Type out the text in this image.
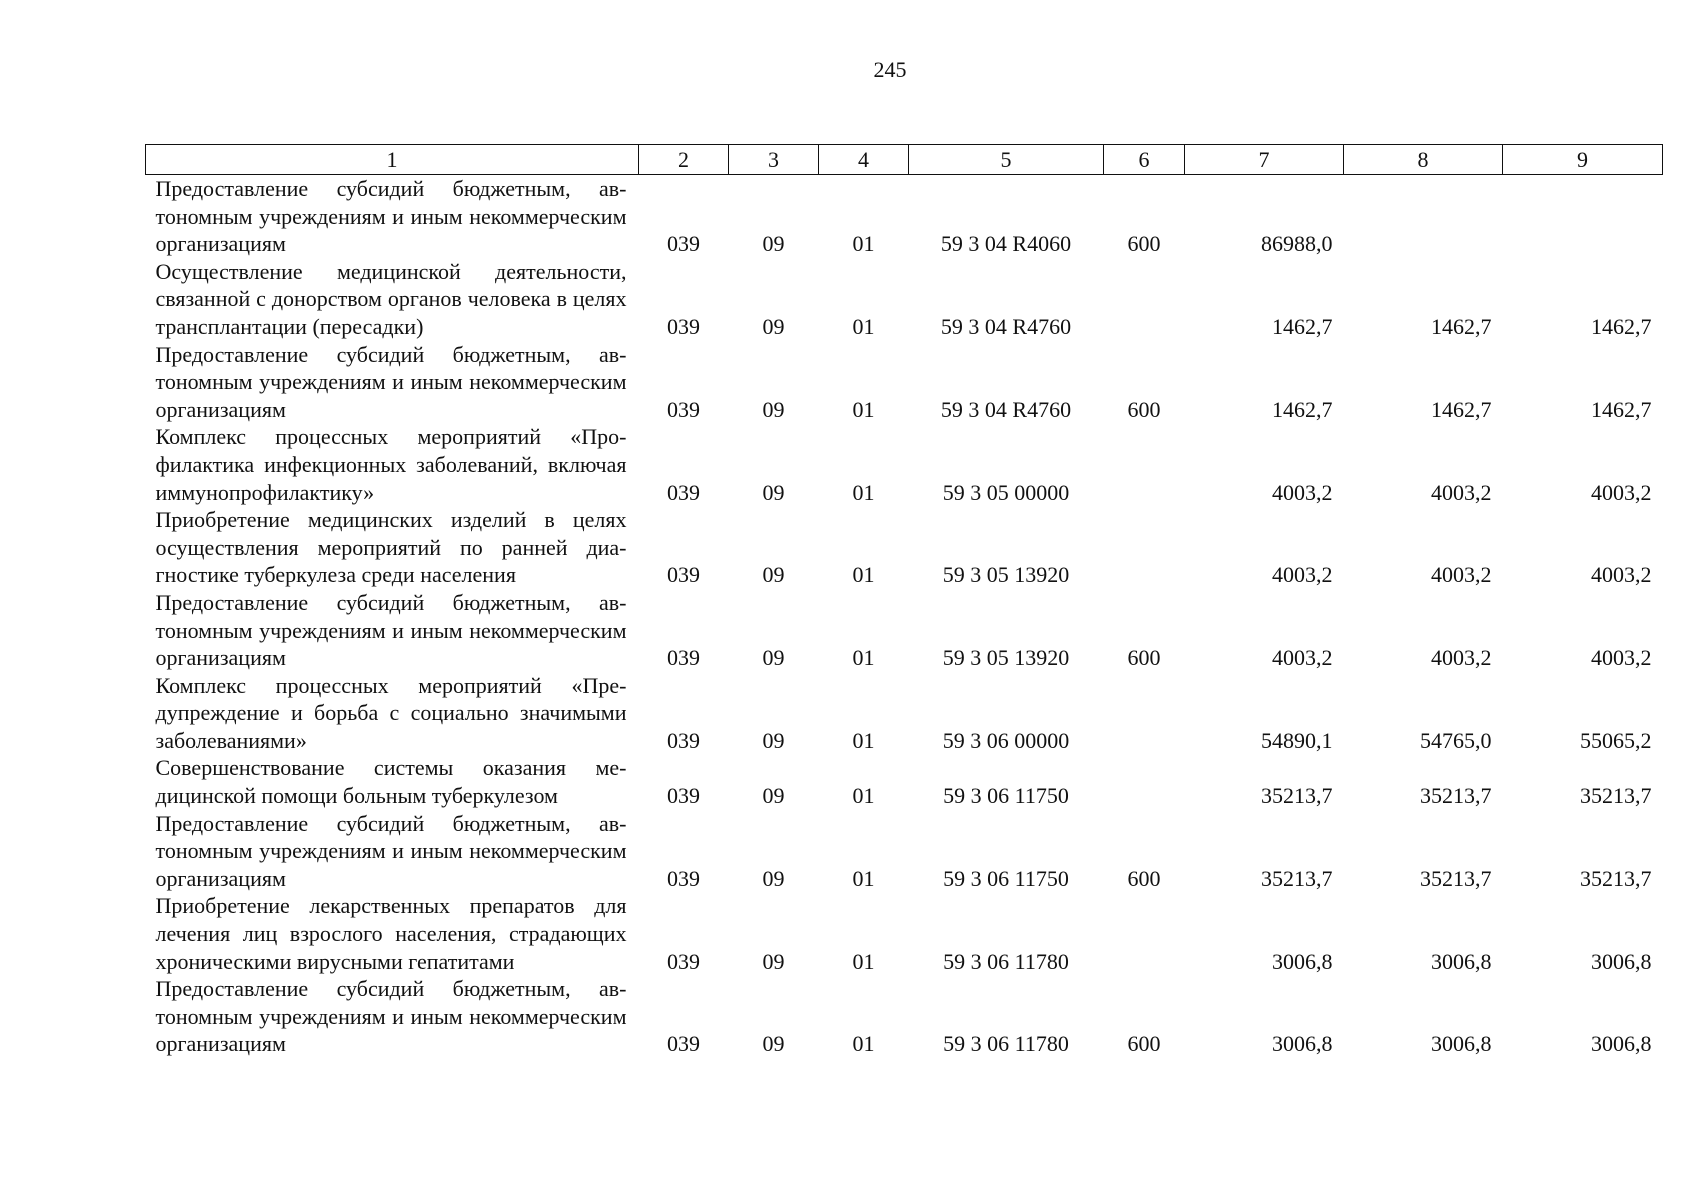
245
1	2	3	4	5	6	7	8	9
Предоставление субсидий бюджетным, автономным учреждениям и иным некоммерческим организациям	039	09	01	59 3 04 R4060	600	86988,0		
Осуществление медицинской деятельности, связанной с донорством органов человека в целях трансплантации (пересадки)	039	09	01	59 3 04 R4760		1462,7	1462,7	1462,7
Предоставление субсидий бюджетным, автономным учреждениям и иным некоммерческим организациям	039	09	01	59 3 04 R4760	600	1462,7	1462,7	1462,7
Комплекс процессных мероприятий «Профилактика инфекционных заболеваний, включая иммунопрофилактику»	039	09	01	59 3 05 00000		4003,2	4003,2	4003,2
Приобретение медицинских изделий в целях осуществления мероприятий по ранней диагностике туберкулеза среди населения	039	09	01	59 3 05 13920		4003,2	4003,2	4003,2
Предоставление субсидий бюджетным, автономным учреждениям и иным некоммерческим организациям	039	09	01	59 3 05 13920	600	4003,2	4003,2	4003,2
Комплекс процессных мероприятий «Предупреждение и борьба с социально значимыми заболеваниями»	039	09	01	59 3 06 00000		54890,1	54765,0	55065,2
Совершенствование системы оказания медицинской помощи больным туберкулезом	039	09	01	59 3 06 11750		35213,7	35213,7	35213,7
Предоставление субсидий бюджетным, автономным учреждениям и иным некоммерческим организациям	039	09	01	59 3 06 11750	600	35213,7	35213,7	35213,7
Приобретение лекарственных препаратов для лечения лиц взрослого населения, страдающих хроническими вирусными гепатитами	039	09	01	59 3 06 11780		3006,8	3006,8	3006,8
Предоставление субсидий бюджетным, автономным учреждениям и иным некоммерческим организациям	039	09	01	59 3 06 11780	600	3006,8	3006,8	3006,8
